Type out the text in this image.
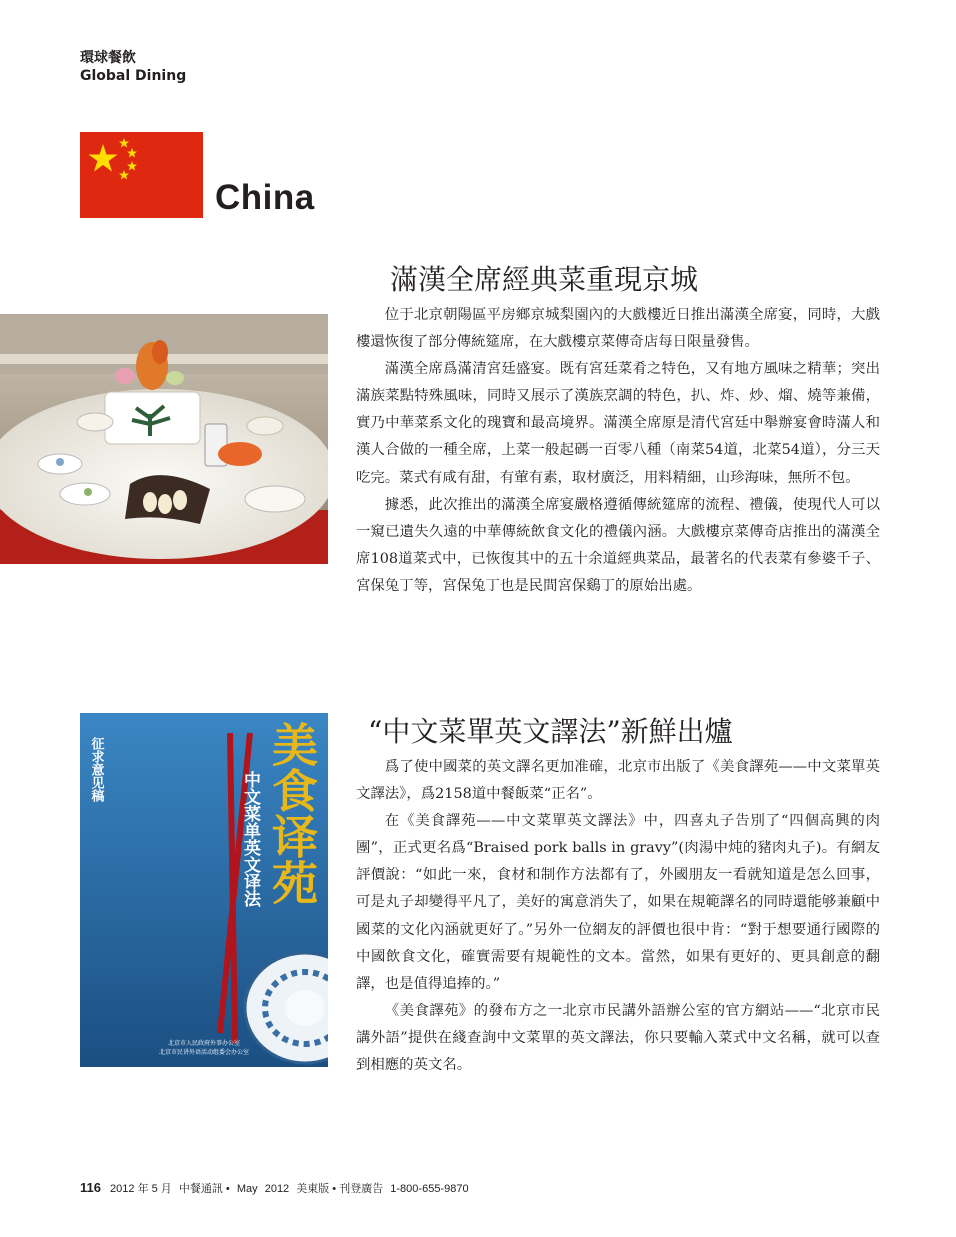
環球餐飲
Global Dining
China
征求意见稿	美食译苑
中文菜单英文译法
北京市人民政府外事办公室
北京市民讲外语活动组委会办公室
滿漢全席經典菜重現京城

位于北京朝陽區平房鄉京城梨園內的大戲樓近日推出滿漢全席宴，同時，大戲樓還恢復了部分傳統筵席，在大戲樓京菜傳奇店每日限量發售。

滿漢全席爲滿清宮廷盛宴。既有宮廷菜肴之特色，又有地方風味之精華；突出滿族菜點特殊風味，同時又展示了漢族烹調的特色，扒、炸、炒、熘、燒等兼備，實乃中華菜系文化的瑰寶和最高境界。滿漢全席原是清代宮廷中舉辦宴會時滿人和漢人合做的一種全席，上菜一般起碼一百零八種（南菜54道，北菜54道），分三天吃完。菜式有咸有甜，有葷有素，取材廣泛，用料精細，山珍海味，無所不包。

據悉，此次推出的滿漢全席宴嚴格遵循傳統筵席的流程、禮儀，使現代人可以一窺已遺失久遠的中華傳統飲食文化的禮儀內涵。大戲樓京菜傳奇店推出的滿漢全席108道菜式中，已恢復其中的五十余道經典菜品，最著名的代表菜有參婆千子、宮保兔丁等，宮保兔丁也是民間宮保鷄丁的原始出處。

“中文菜單英文譯法”新鮮出爐

爲了使中國菜的英文譯名更加准確，北京市出版了《美食譯苑——中文菜單英文譯法》，爲2158道中餐飯菜“正名”。

在《美食譯苑——中文菜單英文譯法》中，四喜丸子告別了“四個高興的肉團”，正式更名爲“Braised pork balls in gravy”(肉湯中炖的豬肉丸子)。有網友評價說：“如此一來，食材和制作方法都有了，外國朋友一看就知道是怎么回事，可是丸子却變得平凡了，美好的寓意消失了，如果在規範譯名的同時還能够兼顧中國菜的文化內涵就更好了。”另外一位網友的評價也很中肯：“對于想要通行國際的中國飲食文化，確實需要有規範性的文本。當然，如果有更好的、更具創意的翻譯，也是值得追捧的。”

《美食譯苑》的發布方之一北京市民講外語辦公室的官方網站——“北京市民講外語”提供在綫查詢中文菜單的英文譯法，你只要輸入菜式中文名稱，就可以查到相應的英文名。

116 2012 年 5 月 中餐通訊 • May 2012 美東版 • 刊登廣告 1-800-655-9870
